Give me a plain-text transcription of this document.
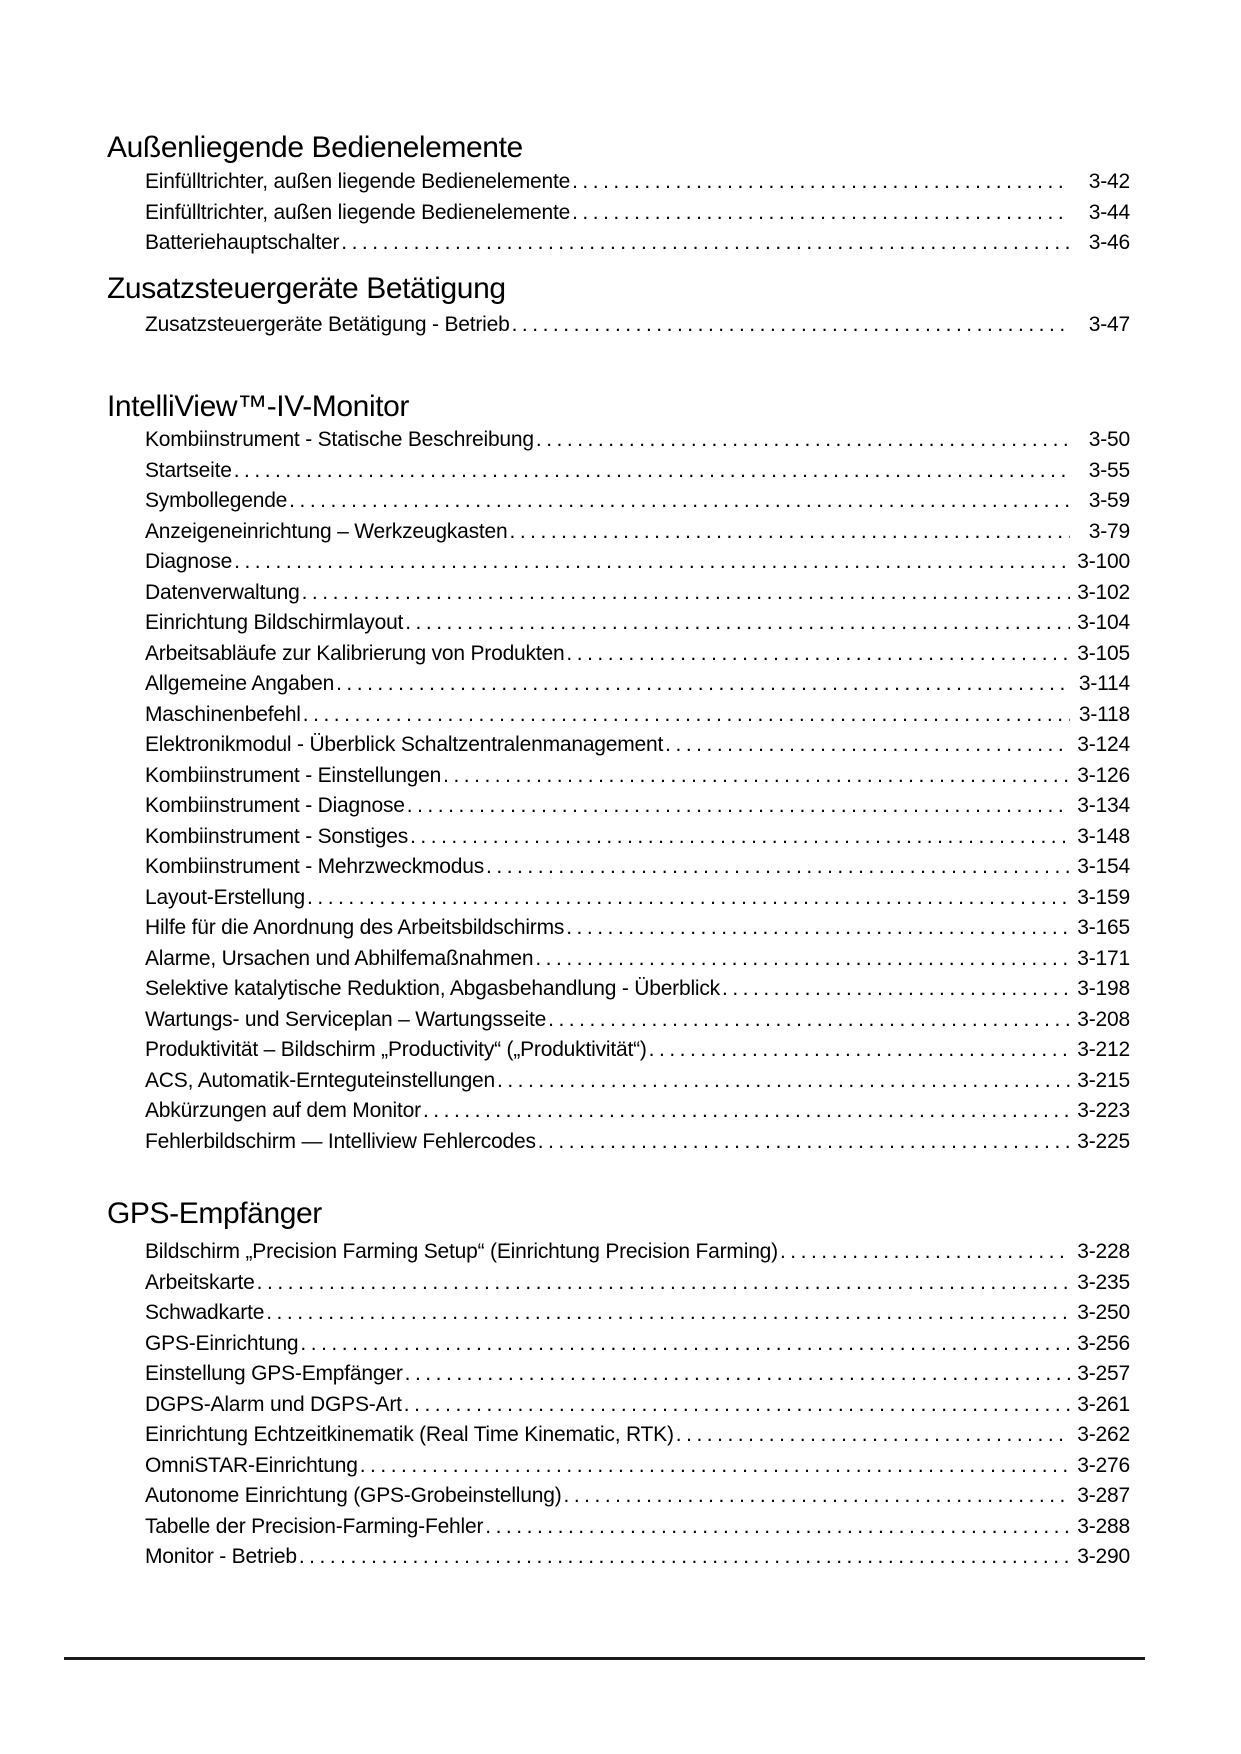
Außenliegende Bedienelemente
Einfülltrichter, außen liegende Bedienelemente .....	3-42
Einfülltrichter, außen liegende Bedienelemente .....	3-44
Batteriehauptschalter .....	3-46
Zusatzsteuergeräte Betätigung
Zusatzsteuergeräte Betätigung - Betrieb .....	3-47
IntelliView™-IV-Monitor
Kombiinstrument - Statische Beschreibung .....	3-50
Startseite .....	3-55
Symbollegende .....	3-59
Anzeigeneinrichtung – Werkzeugkasten .....	3-79
Diagnose .....	3-100
Datenverwaltung .....	3-102
Einrichtung Bildschirmlayout .....	3-104
Arbeitsabläufe zur Kalibrierung von Produkten .....	3-105
Allgemeine Angaben .....	3-114
Maschinenbefehl .....	3-118
Elektronikmodul - Überblick Schaltzentralenmanagement .....	3-124
Kombiinstrument - Einstellungen .....	3-126
Kombiinstrument - Diagnose .....	3-134
Kombiinstrument - Sonstiges .....	3-148
Kombiinstrument - Mehrzweckmodus .....	3-154
Layout-Erstellung .....	3-159
Hilfe für die Anordnung des Arbeitsbildschirms .....	3-165
Alarme, Ursachen und Abhilfemaßnahmen .....	3-171
Selektive katalytische Reduktion, Abgasbehandlung - Überblick .....	3-198
Wartungs- und Serviceplan – Wartungsseite .....	3-208
Produktivität – Bildschirm „Productivity“ („Produktivität“) .....	3-212
ACS, Automatik-Ernteguteinstellungen .....	3-215
Abkürzungen auf dem Monitor .....	3-223
Fehlerbildschirm — Intelliview Fehlercodes .....	3-225
GPS-Empfänger
Bildschirm „Precision Farming Setup“ (Einrichtung Precision Farming) .....	3-228
Arbeitskarte .....	3-235
Schwadkarte .....	3-250
GPS-Einrichtung .....	3-256
Einstellung GPS-Empfänger .....	3-257
DGPS-Alarm und DGPS-Art .....	3-261
Einrichtung Echtzeitkinematik (Real Time Kinematic, RTK) .....	3-262
OmniSTAR-Einrichtung .....	3-276
Autonome Einrichtung (GPS-Grobeinstellung) .....	3-287
Tabelle der Precision-Farming-Fehler .....	3-288
Monitor - Betrieb .....	3-290
